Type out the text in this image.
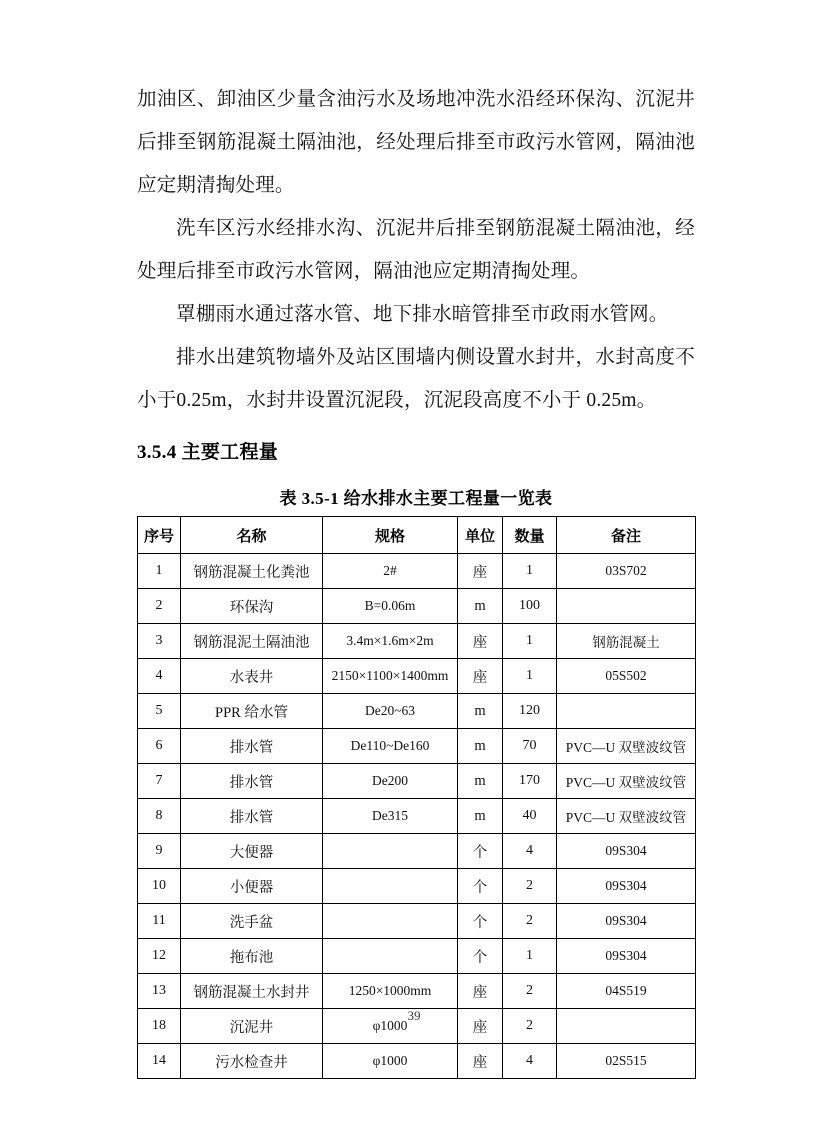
加油区、卸油区少量含油污水及场地冲洗水沿经环保沟、沉泥井后排至钢筋混凝土隔油池，经处理后排至市政污水管网，隔油池应定期清掏处理。

洗车区污水经排水沟、沉泥井后排至钢筋混凝土隔油池，经处理后排至市政污水管网，隔油池应定期清掏处理。

罩棚雨水通过落水管、地下排水暗管排至市政雨水管网。

排水出建筑物墙外及站区围墙内侧设置水封井，水封高度不小于0.25m，水封井设置沉泥段，沉泥段高度不小于 0.25m。

3.5.4 主要工程量
表 3.5-1 给水排水主要工程量一览表
序号	名称	规格	单位	数量	备注
1	钢筋混凝土化粪池	2#	座	1	03S702
2	环保沟	B=0.06m	m	100	
3	钢筋混泥土隔油池	3.4m×1.6m×2m	座	1	钢筋混凝土
4	水表井	2150×1100×1400mm	座	1	05S502
5	PPR 给水管	De20~63	m	120	
6	排水管	De110~De160	m	70	PVC—U 双壁波纹管
7	排水管	De200	m	170	PVC—U 双壁波纹管
8	排水管	De315	m	40	PVC—U 双壁波纹管
9	大便器		个	4	09S304
10	小便器		个	2	09S304
11	洗手盆		个	2	09S304
12	拖布池		个	1	09S304
13	钢筋混凝土水封井	1250×1000mm	座	2	04S519
18	沉泥井	φ1000	座	2	
14	污水检查井	φ1000	座	4	02S515
39
